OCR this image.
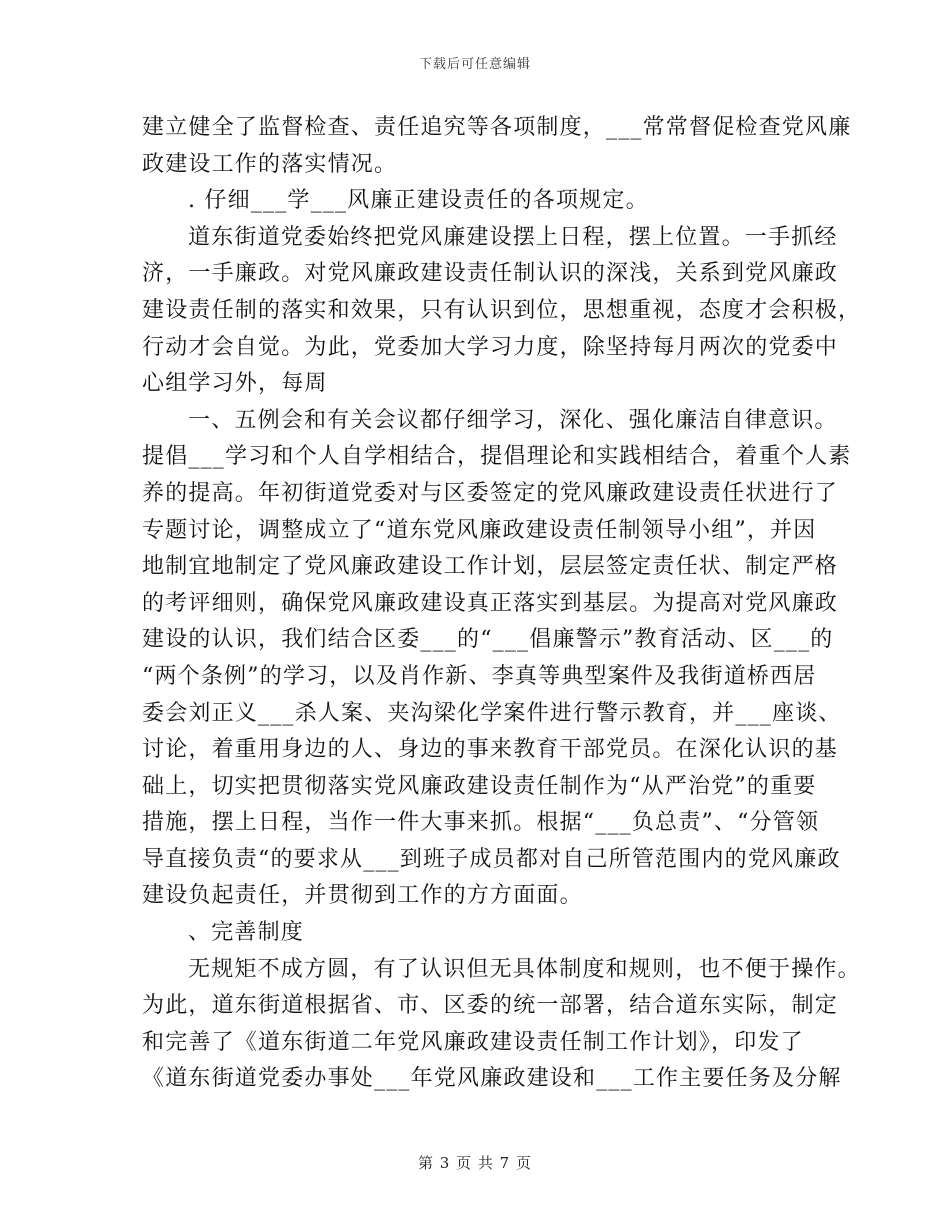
下载后可任意编辑
建立健全了监督检查、责任追究等各项制度，___常常督促检查党风廉
政建设工作的落实情况。
. 仔细___学___风廉正建设责任的各项规定。
道东街道党委始终把党风廉建设摆上日程，摆上位置。一手抓经
济，一手廉政。对党风廉政建设责任制认识的深浅，关系到党风廉政
建设责任制的落实和效果，只有认识到位，思想重视，态度才会积极，
行动才会自觉。为此，党委加大学习力度，除坚持每月两次的党委中
心组学习外，每周
一、五例会和有关会议都仔细学习，深化、强化廉洁自律意识。
提倡___学习和个人自学相结合，提倡理论和实践相结合，着重个人素
养的提高。年初街道党委对与区委签定的党风廉政建设责任状进行了
专题讨论，调整成立了“道东党风廉政建设责任制领导小组”，并因
地制宜地制定了党风廉政建设工作计划，层层签定责任状、制定严格
的考评细则，确保党风廉政建设真正落实到基层。为提高对党风廉政
建设的认识，我们结合区委___的“___倡廉警示”教育活动、区___的
“两个条例”的学习，以及肖作新、李真等典型案件及我街道桥西居
委会刘正义___杀人案、夹沟梁化学案件进行警示教育，并___座谈、
讨论，着重用身边的人、身边的事来教育干部党员。在深化认识的基
础上，切实把贯彻落实党风廉政建设责任制作为“从严治党”的重要
措施，摆上日程，当作一件大事来抓。根据“___负总责”、“分管领
导直接负责“的要求从___到班子成员都对自己所管范围内的党风廉政
建设负起责任，并贯彻到工作的方方面面。
、完善制度
无规矩不成方圆，有了认识但无具体制度和规则，也不便于操作。
为此，道东街道根据省、市、区委的统一部署，结合道东实际，制定
和完善了《道东街道二年党风廉政建设责任制工作计划》，印发了
《道东街道党委办事处___年党风廉政建设和___工作主要任务及分解
第 3 页 共 7 页
